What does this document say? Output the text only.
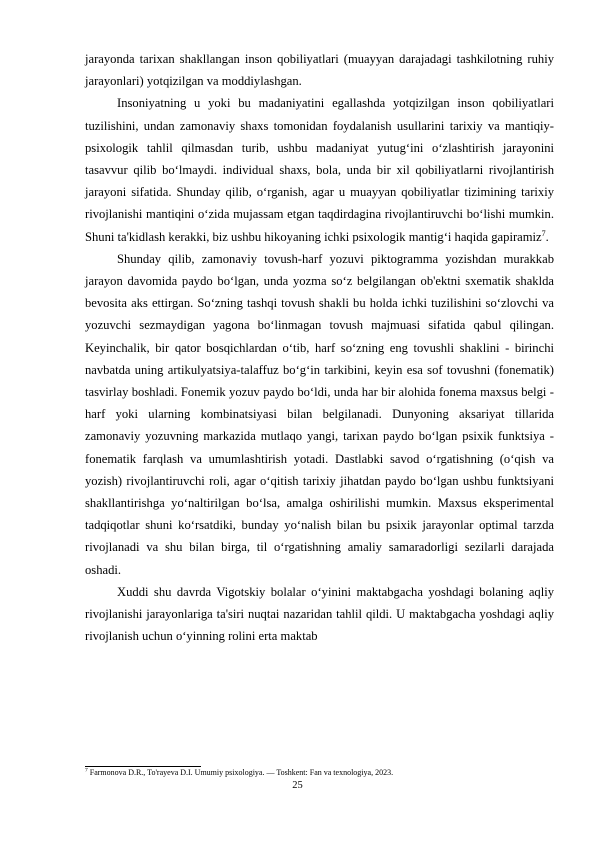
jarayonda tarixan shakllangan inson qobiliyatlari (muayyan darajadagi tashkilotning ruhiy jarayonlari) yotqizilgan va moddiylashgan.

Insoniyatning u yoki bu madaniyatini egallashda yotqizilgan inson qobiliyatlari tuzilishini, undan zamonaviy shaxs tomonidan foydalanish usullarini tarixiy va mantiqiy-psixologik tahlil qilmasdan turib, ushbu madaniyat yutug‘ini o‘zlashtirish jarayonini tasavvur qilib bo‘lmaydi. individual shaxs, bola, unda bir xil qobiliyatlarni rivojlantirish jarayoni sifatida. Shunday qilib, o‘rganish, agar u muayyan qobiliyatlar tizimining tarixiy rivojlanishi mantiqini o‘zida mujassam etgan taqdirdagina rivojlantiruvchi bo‘lishi mumkin. Shuni ta'kidlash kerakki, biz ushbu hikoyaning ichki psixologik mantig‘i haqida gapiramiz$^7$.

Shunday qilib, zamonaviy tovush-harf yozuvi piktogramma yozishdan murakkab jarayon davomida paydo bo‘lgan, unda yozma so‘z belgilangan ob'ektni sxematik shaklda bevosita aks ettirgan. So‘zning tashqi tovush shakli bu holda ichki tuzilishini so‘zlovchi va yozuvchi sezmaydigan yagona bo‘linmagan tovush majmuasi sifatida qabul qilingan. Keyinchalik, bir qator bosqichlardan o‘tib, harf so‘zning eng tovushli shaklini - birinchi navbatda uning artikulyatsiya-talaffuz bo‘g‘in tarkibini, keyin esa sof tovushni (fonematik) tasvirlay boshladi. Fonemik yozuv paydo bo‘ldi, unda har bir alohida fonema maxsus belgi - harf yoki ularning kombinatsiyasi bilan belgilanadi. Dunyoning aksariyat tillarida zamonaviy yozuvning markazida mutlaqo yangi, tarixan paydo bo‘lgan psixik funktsiya - fonematik farqlash va umumlashtirish yotadi. Dastlabki savod o‘rgatishning (o‘qish va yozish) rivojlantiruvchi roli, agar o‘qitish tarixiy jihatdan paydo bo‘lgan ushbu funktsiyani shakllantirishga yo‘naltirilgan bo‘lsa, amalga oshirilishi mumkin. Maxsus eksperimental tadqiqotlar shuni ko‘rsatdiki, bunday yo‘nalish bilan bu psixik jarayonlar optimal tarzda rivojlanadi va shu bilan birga, til o‘rgatishning amaliy samaradorligi sezilarli darajada oshadi.

Xuddi shu davrda Vigotskiy bolalar o‘yinini maktabgacha yoshdagi bolaning aqliy rivojlanishi jarayonlariga ta'siri nuqtai nazaridan tahlil qildi. U maktabgacha yoshdagi aqliy rivojlanish uchun o‘yinning rolini erta maktab

$^7$ Farmonova D.R., To'rayeva D.I. Umumiy psixologiya. — Toshkent: Fan va texnologiya, 2023.
25
